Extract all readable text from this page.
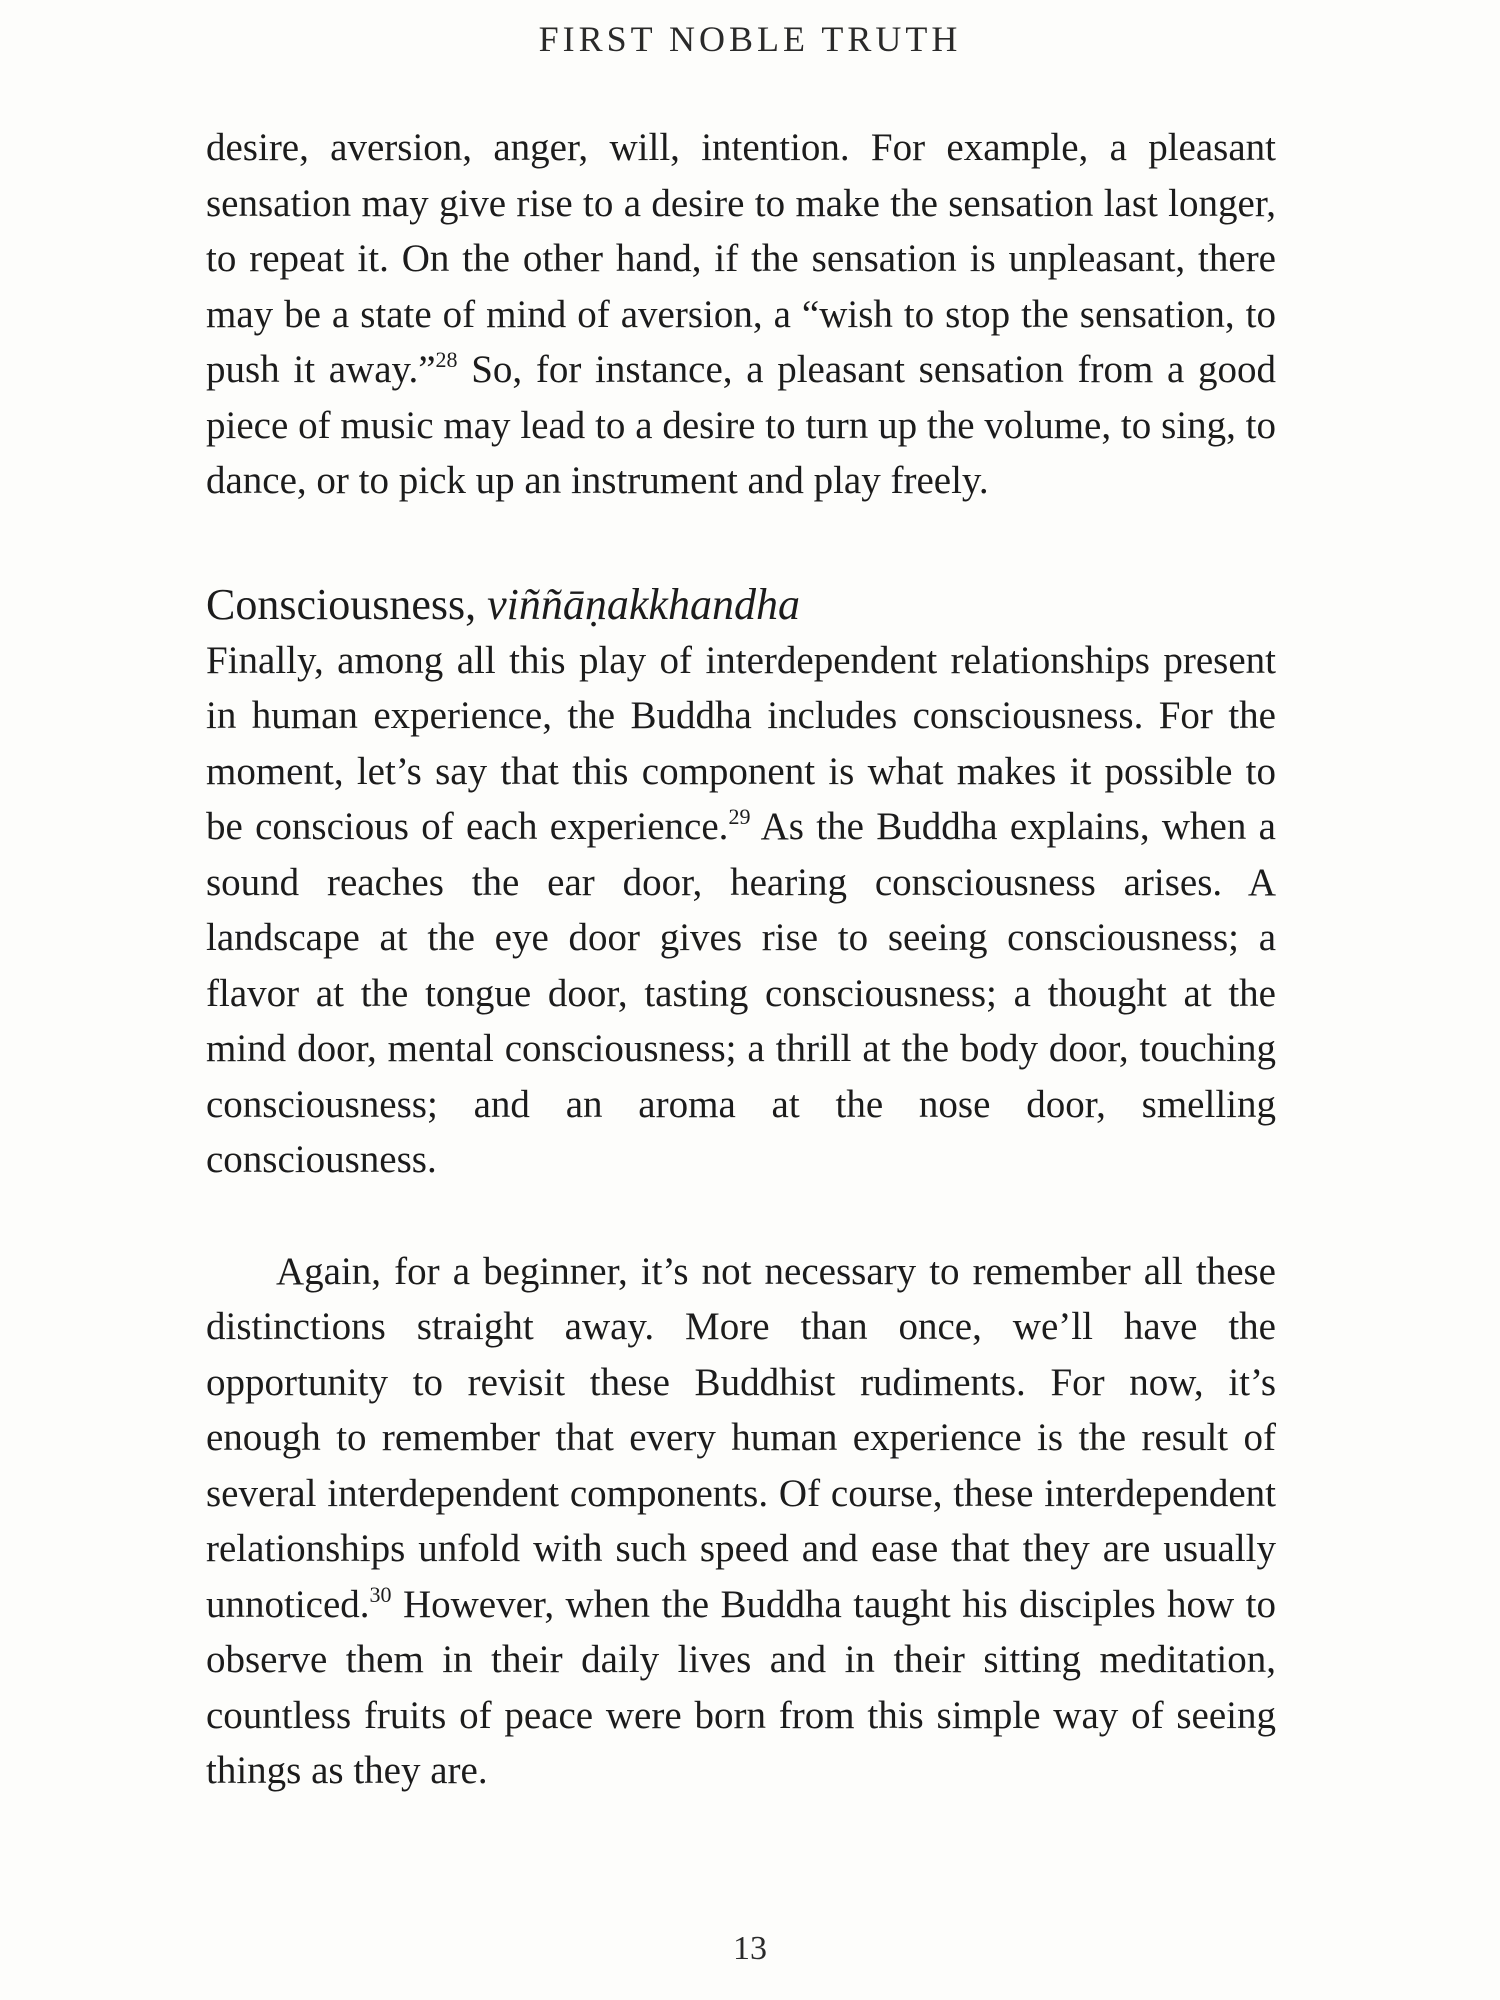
FIRST NOBLE TRUTH

desire, aversion, anger, will, intention. For example, a pleasant sensation may give rise to a desire to make the sensation last longer, to repeat it. On the other hand, if the sensation is unpleasant, there may be a state of mind of aversion, a “wish to stop the sensation, to push it away.”$^{28}$ So, for instance, a pleasant sensation from a good piece of music may lead to a desire to turn up the volume, to sing, to dance, or to pick up an instrument and play freely.

Consciousness, viññāṇakkhandha

Finally, among all this play of interdependent relationships present in human experience, the Buddha includes consciousness. For the moment, let’s say that this component is what makes it possible to be conscious of each experience.$^{29}$ As the Buddha explains, when a sound reaches the ear door, hearing consciousness arises. A landscape at the eye door gives rise to seeing consciousness; a flavor at the tongue door, tasting consciousness; a thought at the mind door, mental consciousness; a thrill at the body door, touching consciousness; and an aroma at the nose door, smelling consciousness.

Again, for a beginner, it’s not necessary to remember all these distinctions straight away. More than once, we’ll have the opportunity to revisit these Buddhist rudiments. For now, it’s enough to remember that every human experience is the result of several interdependent components. Of course, these interdependent relationships unfold with such speed and ease that they are usually unnoticed.$^{30}$ However, when the Buddha taught his disciples how to observe them in their daily lives and in their sitting meditation, countless fruits of peace were born from this simple way of seeing things as they are.

13
